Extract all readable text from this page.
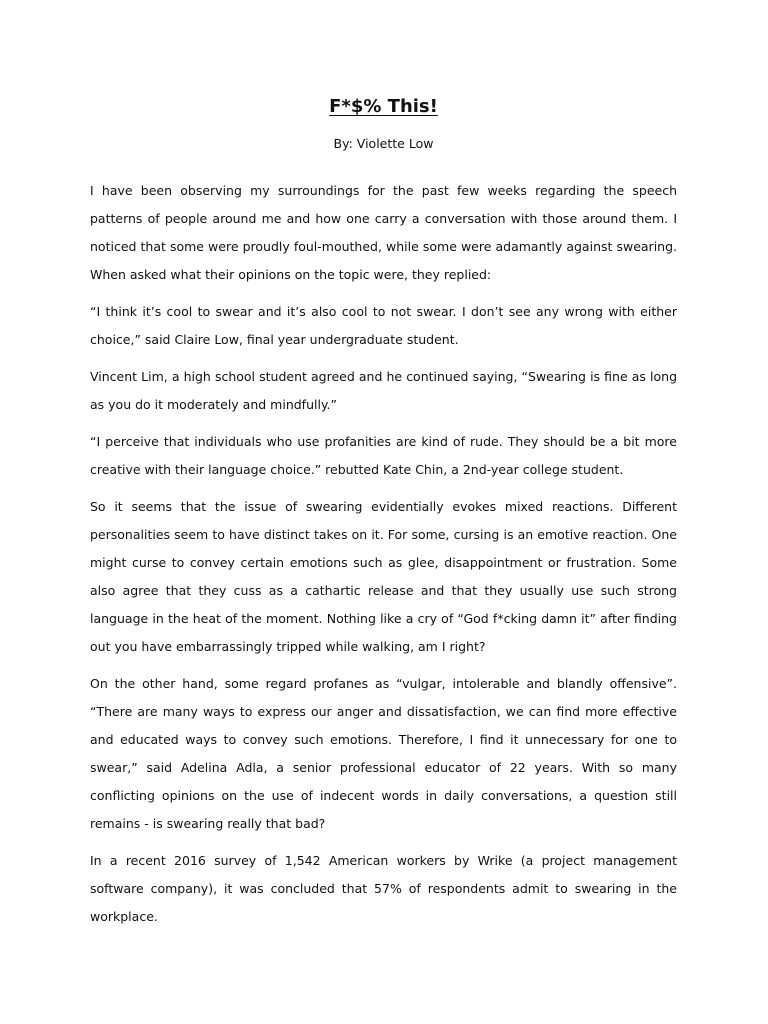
F*$% This!
By: Violette Low

I have been observing my surroundings for the past few weeks regarding the speech patterns of people around me and how one carry a conversation with those around them. I noticed that some were proudly foul-mouthed, while some were adamantly against swearing. When asked what their opinions on the topic were, they replied:

“I think it’s cool to swear and it’s also cool to not swear. I don’t see any wrong with either choice,” said Claire Low, final year undergraduate student.

Vincent Lim, a high school student agreed and he continued saying, “Swearing is fine as long as you do it moderately and mindfully.”

“I perceive that individuals who use profanities are kind of rude. They should be a bit more creative with their language choice.” rebutted Kate Chin, a 2nd-year college student.

So it seems that the issue of swearing evidentially evokes mixed reactions. Different personalities seem to have distinct takes on it. For some, cursing is an emotive reaction. One might curse to convey certain emotions such as glee, disappointment or frustration. Some also agree that they cuss as a cathartic release and that they usually use such strong language in the heat of the moment. Nothing like a cry of “God f*cking damn it” after finding out you have embarrassingly tripped while walking, am I right?

On the other hand, some regard profanes as “vulgar, intolerable and blandly offensive”. “There are many ways to express our anger and dissatisfaction, we can find more effective and educated ways to convey such emotions. Therefore, I find it unnecessary for one to swear,” said Adelina Adla, a senior professional educator of 22 years. With so many conflicting opinions on the use of indecent words in daily conversations, a question still remains - is swearing really that bad?

In a recent 2016 survey of 1,542 American workers by Wrike (a project management software company), it was concluded that 57% of respondents admit to swearing in the workplace.
